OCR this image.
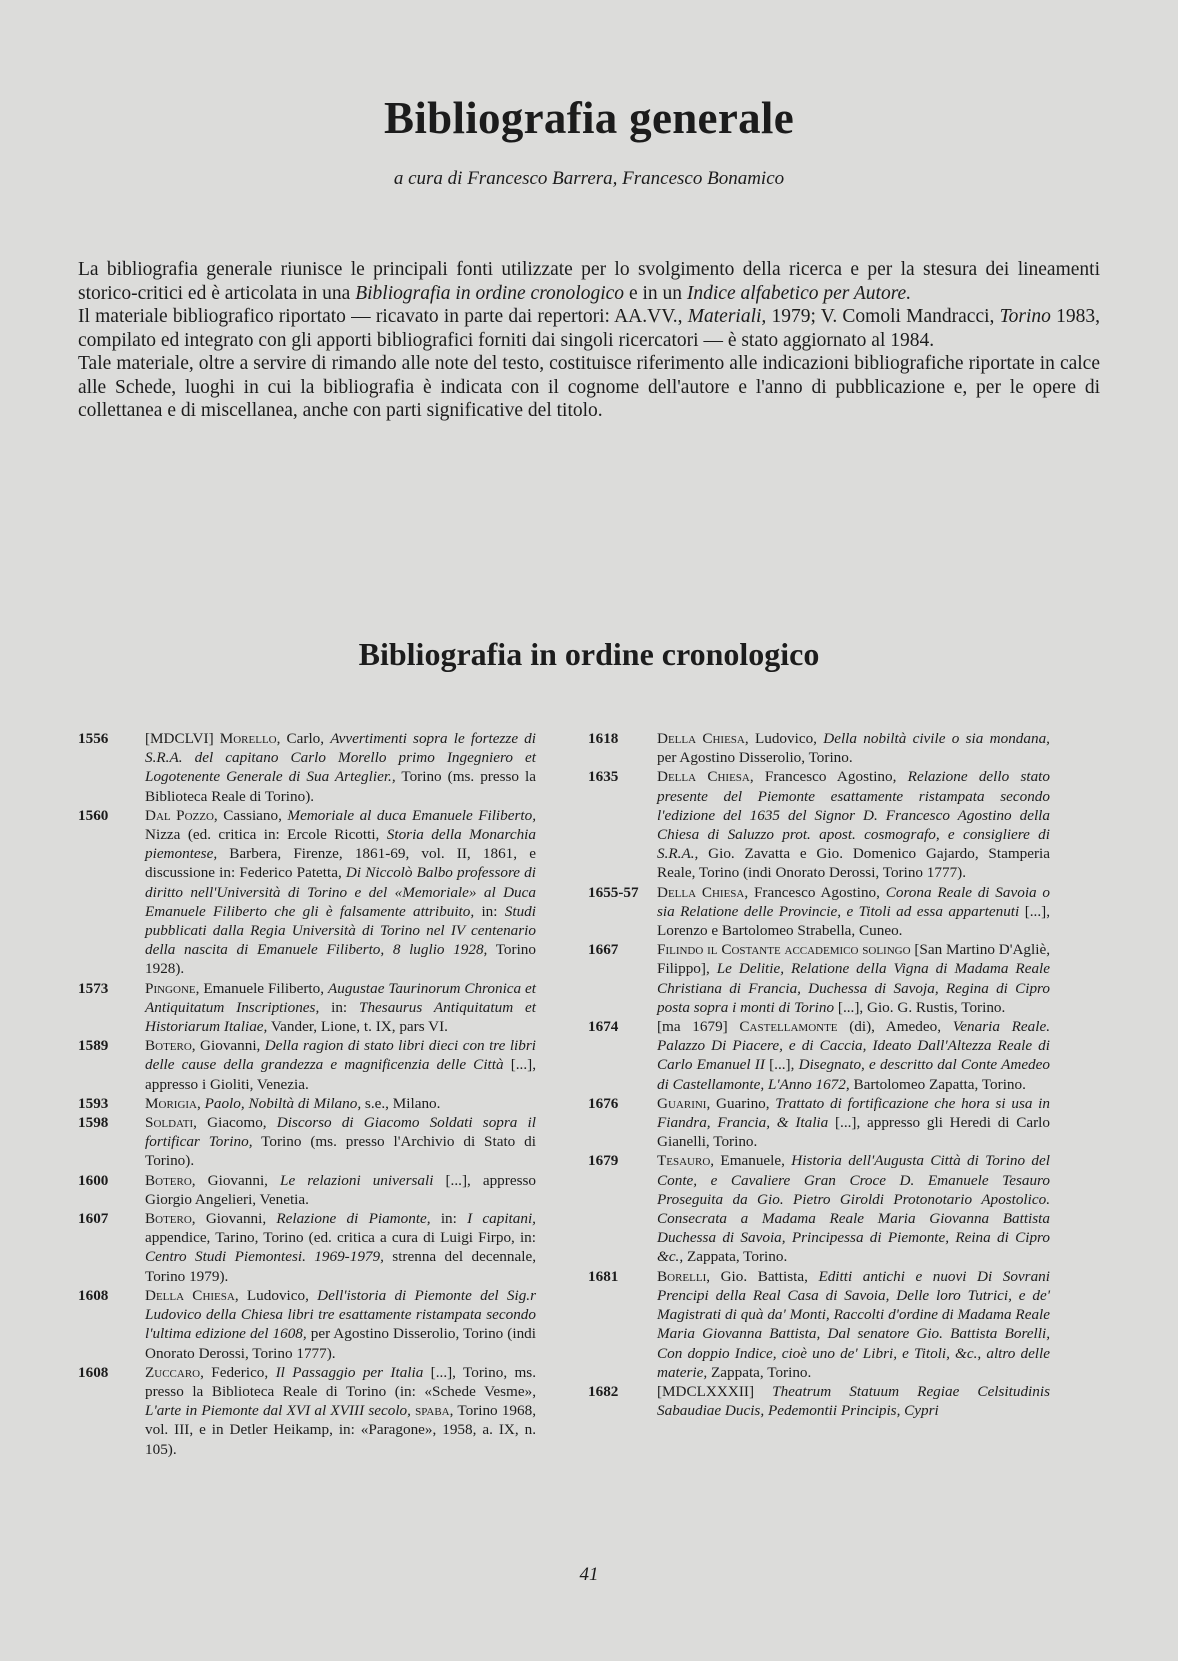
Bibliografia generale

a cura di Francesco Barrera, Francesco Bonamico

La bibliografia generale riunisce le principali fonti utilizzate per lo svolgimento della ricerca e per la stesura dei lineamenti storico-critici ed è articolata in una Bibliografia in ordine cronologico e in un Indice alfabetico per Autore.

Il materiale bibliografico riportato — ricavato in parte dai repertori: AA.VV., Materiali, 1979; V. Comoli Mandracci, Torino 1983, compilato ed integrato con gli apporti bibliografici forniti dai singoli ricercatori — è stato aggiornato al 1984.

Tale materiale, oltre a servire di rimando alle note del testo, costituisce riferimento alle indicazioni bibliografiche riportate in calce alle Schede, luoghi in cui la bibliografia è indicata con il cognome dell'autore e l'anno di pubblicazione e, per le opere di collettanea e di miscellanea, anche con parti significative del titolo.

Bibliografia in ordine cronologico
1556	[MDCLVI] Morello, Carlo, Avvertimenti sopra le fortezze di S.R.A. del capitano Carlo Morello primo Ingegniero et Logotenente Generale di Sua Arteglier., Torino (ms. presso la Biblioteca Reale di Torino).
1560	Dal Pozzo, Cassiano, Memoriale al duca Emanuele Filiberto, Nizza (ed. critica in: Ercole Ricotti, Storia della Monarchia piemontese, Barbera, Firenze, 1861-69, vol. II, 1861, e discussione in: Federico Patetta, Di Niccolò Balbo professore di diritto nell'Università di Torino e del «Memoriale» al Duca Emanuele Filiberto che gli è falsamente attribuito, in: Studi pubblicati dalla Regia Università di Torino nel IV centenario della nascita di Emanuele Filiberto, 8 luglio 1928, Torino 1928).
1573	Pingone, Emanuele Filiberto, Augustae Taurinorum Chronica et Antiquitatum Inscriptiones, in: Thesaurus Antiquitatum et Historiarum Italiae, Vander, Lione, t. IX, pars VI.
1589	Botero, Giovanni, Della ragion di stato libri dieci con tre libri delle cause della grandezza e magnificenzia delle Città [...], appresso i Gioliti, Venezia.
1593	Morigia, Paolo, Nobiltà di Milano, s.e., Milano.
1598	Soldati, Giacomo, Discorso di Giacomo Soldati sopra il fortificar Torino, Torino (ms. presso l'Archivio di Stato di Torino).
1600	Botero, Giovanni, Le relazioni universali [...], appresso Giorgio Angelieri, Venetia.
1607	Botero, Giovanni, Relazione di Piamonte, in: I capitani, appendice, Tarino, Torino (ed. critica a cura di Luigi Firpo, in: Centro Studi Piemontesi. 1969-1979, strenna del decennale, Torino 1979).
1608	Della Chiesa, Ludovico, Dell'istoria di Piemonte del Sig.r Ludovico della Chiesa libri tre esattamente ristampata secondo l'ultima edizione del 1608, per Agostino Disserolio, Torino (indi Onorato Derossi, Torino 1777).
1608	Zuccaro, Federico, Il Passaggio per Italia [...], Torino, ms. presso la Biblioteca Reale di Torino (in: «Schede Vesme», L'arte in Piemonte dal XVI al XVIII secolo, spaba, Torino 1968, vol. III, e in Detler Heikamp, in: «Paragone», 1958, a. IX, n. 105).
1618	Della Chiesa, Ludovico, Della nobiltà civile o sia mondana, per Agostino Disserolio, Torino.
1635	Della Chiesa, Francesco Agostino, Relazione dello stato presente del Piemonte esattamente ristampata secondo l'edizione del 1635 del Signor D. Francesco Agostino della Chiesa di Saluzzo prot. apost. cosmografo, e consigliere di S.R.A., Gio. Zavatta e Gio. Domenico Gajardo, Stamperia Reale, Torino (indi Onorato Derossi, Torino 1777).
1655-57	Della Chiesa, Francesco Agostino, Corona Reale di Savoia o sia Relatione delle Provincie, e Titoli ad essa appartenuti [...], Lorenzo e Bartolomeo Strabella, Cuneo.
1667	Filindo il Costante accademico solingo [San Martino D'Agliè, Filippo], Le Delitie, Relatione della Vigna di Madama Reale Christiana di Francia, Duchessa di Savoja, Regina di Cipro posta sopra i monti di Torino [...], Gio. G. Rustis, Torino.
1674	[ma 1679] Castellamonte (di), Amedeo, Venaria Reale. Palazzo Di Piacere, e di Caccia, Ideato Dall'Altezza Reale di Carlo Emanuel II [...], Disegnato, e descritto dal Conte Amedeo di Castellamonte, L'Anno 1672, Bartolomeo Zapatta, Torino.
1676	Guarini, Guarino, Trattato di fortificazione che hora si usa in Fiandra, Francia, & Italia [...], appresso gli Heredi di Carlo Gianelli, Torino.
1679	Tesauro, Emanuele, Historia dell'Augusta Città di Torino del Conte, e Cavaliere Gran Croce D. Emanuele Tesauro Proseguita da Gio. Pietro Giroldi Protonotario Apostolico. Consecrata a Madama Reale Maria Giovanna Battista Duchessa di Savoia, Principessa di Piemonte, Reina di Cipro &c., Zappata, Torino.
1681	Borelli, Gio. Battista, Editti antichi e nuovi Di Sovrani Prencipi della Real Casa di Savoia, Delle loro Tutrici, e de' Magistrati di quà da' Monti, Raccolti d'ordine di Madama Reale Maria Giovanna Battista, Dal senatore Gio. Battista Borelli, Con doppio Indice, cioè uno de' Libri, e Titoli, &c., altro delle materie, Zappata, Torino.
1682	[MDCLXXXII] Theatrum Statuum Regiae Celsitudinis Sabaudiae Ducis, Pedemontii Principis, Cypri
41
